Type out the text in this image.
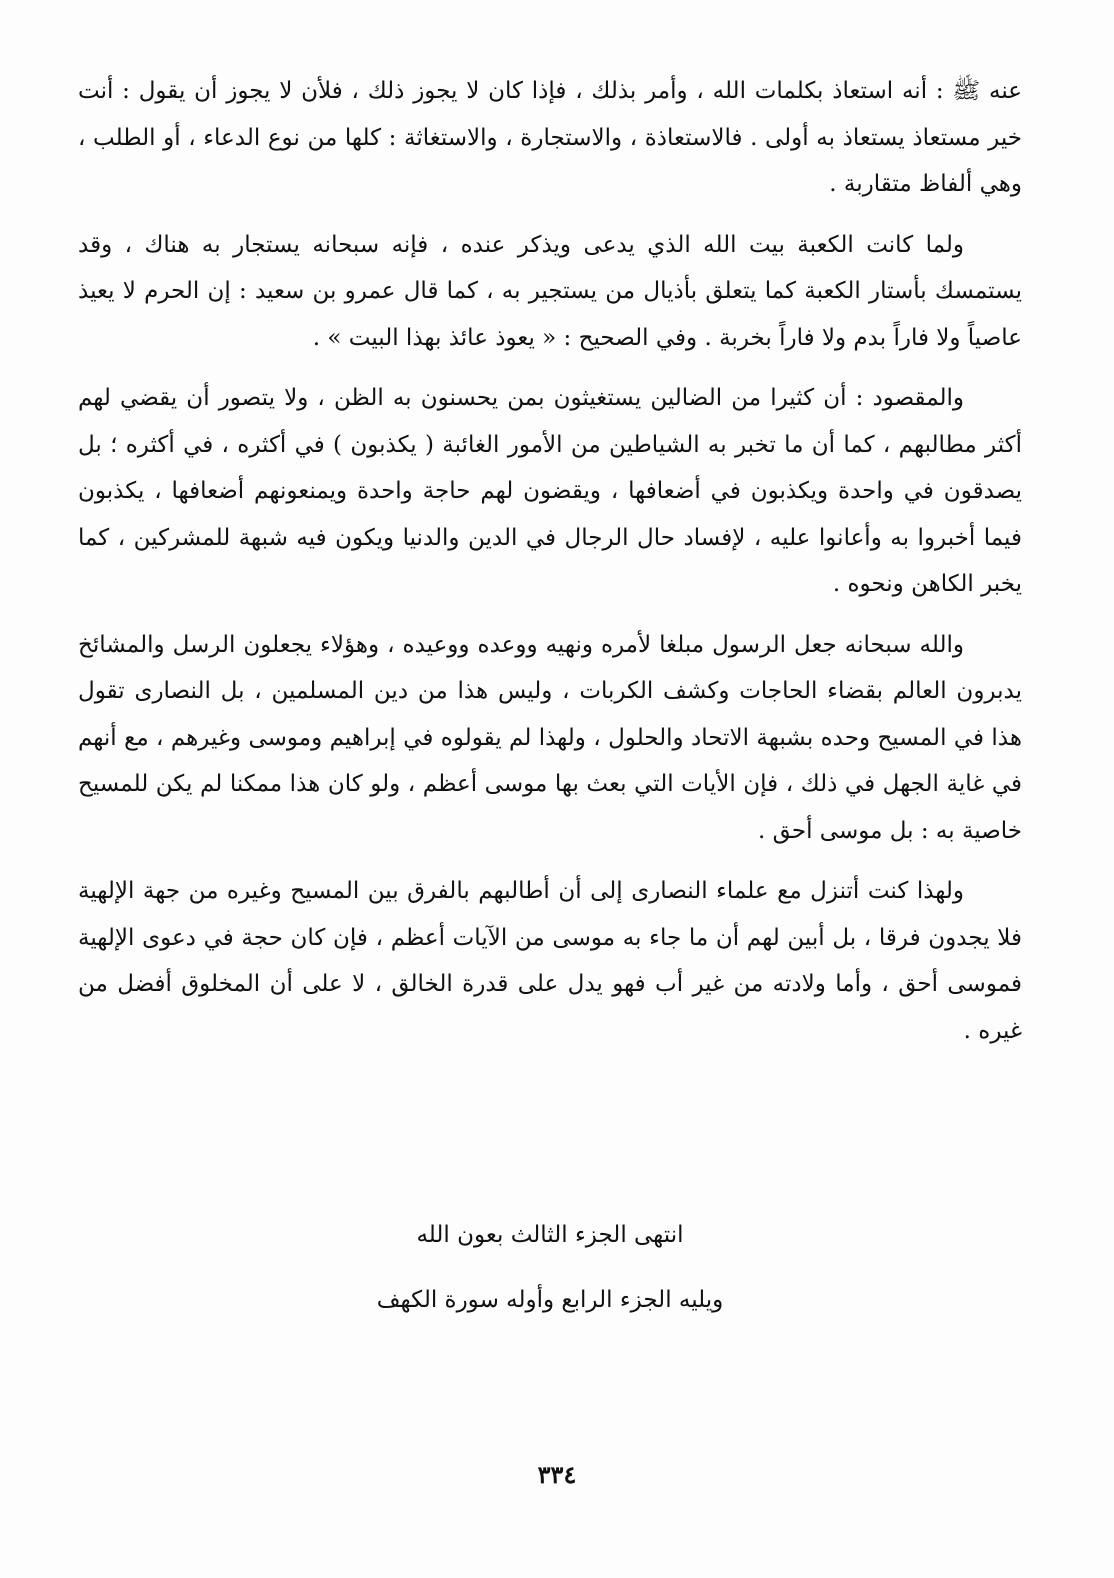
عنه ﷺ : أنه استعاذ بكلمات الله ، وأمر بذلك ، فإذا كان لا يجوز ذلك ، فلأن لا يجوز أن يقول : أنت خير مستعاذ يستعاذ به أولى . فالاستعاذة ، والاستجارة ، والاستغاثة : كلها من نوع الدعاء ، أو الطلب ، وهي ألفاظ متقاربة .

ولما كانت الكعبة بيت الله الذي يدعى ويذكر عنده ، فإنه سبحانه يستجار به هناك ، وقد يستمسك بأستار الكعبة كما يتعلق بأذيال من يستجير به ، كما قال عمرو بن سعيد : إن الحرم لا يعيذ عاصياً ولا فاراً بدم ولا فاراً بخربة . وفي الصحيح : « يعوذ عائذ بهذا البيت » .

والمقصود : أن كثيرا من الضالين يستغيثون بمن يحسنون به الظن ، ولا يتصور أن يقضي لهم أكثر مطالبهم ، كما أن ما تخبر به الشياطين من الأمور الغائبة ( يكذبون ) في أكثره ، في أكثره ؛ بل يصدقون في واحدة ويكذبون في أضعافها ، ويقضون لهم حاجة واحدة ويمنعونهم أضعافها ، يكذبون فيما أخبروا به وأعانوا عليه ، لإفساد حال الرجال في الدين والدنيا ويكون فيه شبهة للمشركين ، كما يخبر الكاهن ونحوه .

والله سبحانه جعل الرسول مبلغا لأمره ونهيه ووعده ووعيده ، وهؤلاء يجعلون الرسل والمشائخ يدبرون العالم بقضاء الحاجات وكشف الكربات ، وليس هذا من دين المسلمين ، بل النصارى تقول هذا في المسيح وحده بشبهة الاتحاد والحلول ، ولهذا لم يقولوه في إبراهيم وموسى وغيرهم ، مع أنهم في غاية الجهل في ذلك ، فإن الأيات التي بعث بها موسى أعظم ، ولو كان هذا ممكنا لم يكن للمسيح خاصية به : بل موسى أحق .

ولهذا كنت أتنزل مع علماء النصارى إلى أن أطالبهم بالفرق بين المسيح وغيره من جهة الإلهية فلا يجدون فرقا ، بل أبين لهم أن ما جاء به موسى من الآيات أعظم ، فإن كان حجة في دعوى الإلهية فموسى أحق ، وأما ولادته من غير أب فهو يدل على قدرة الخالق ، لا على أن المخلوق أفضل من غيره .

انتهى الجزء الثالث بعون الله
ويليه الجزء الرابع وأوله سورة الكهف
٣٣٤
